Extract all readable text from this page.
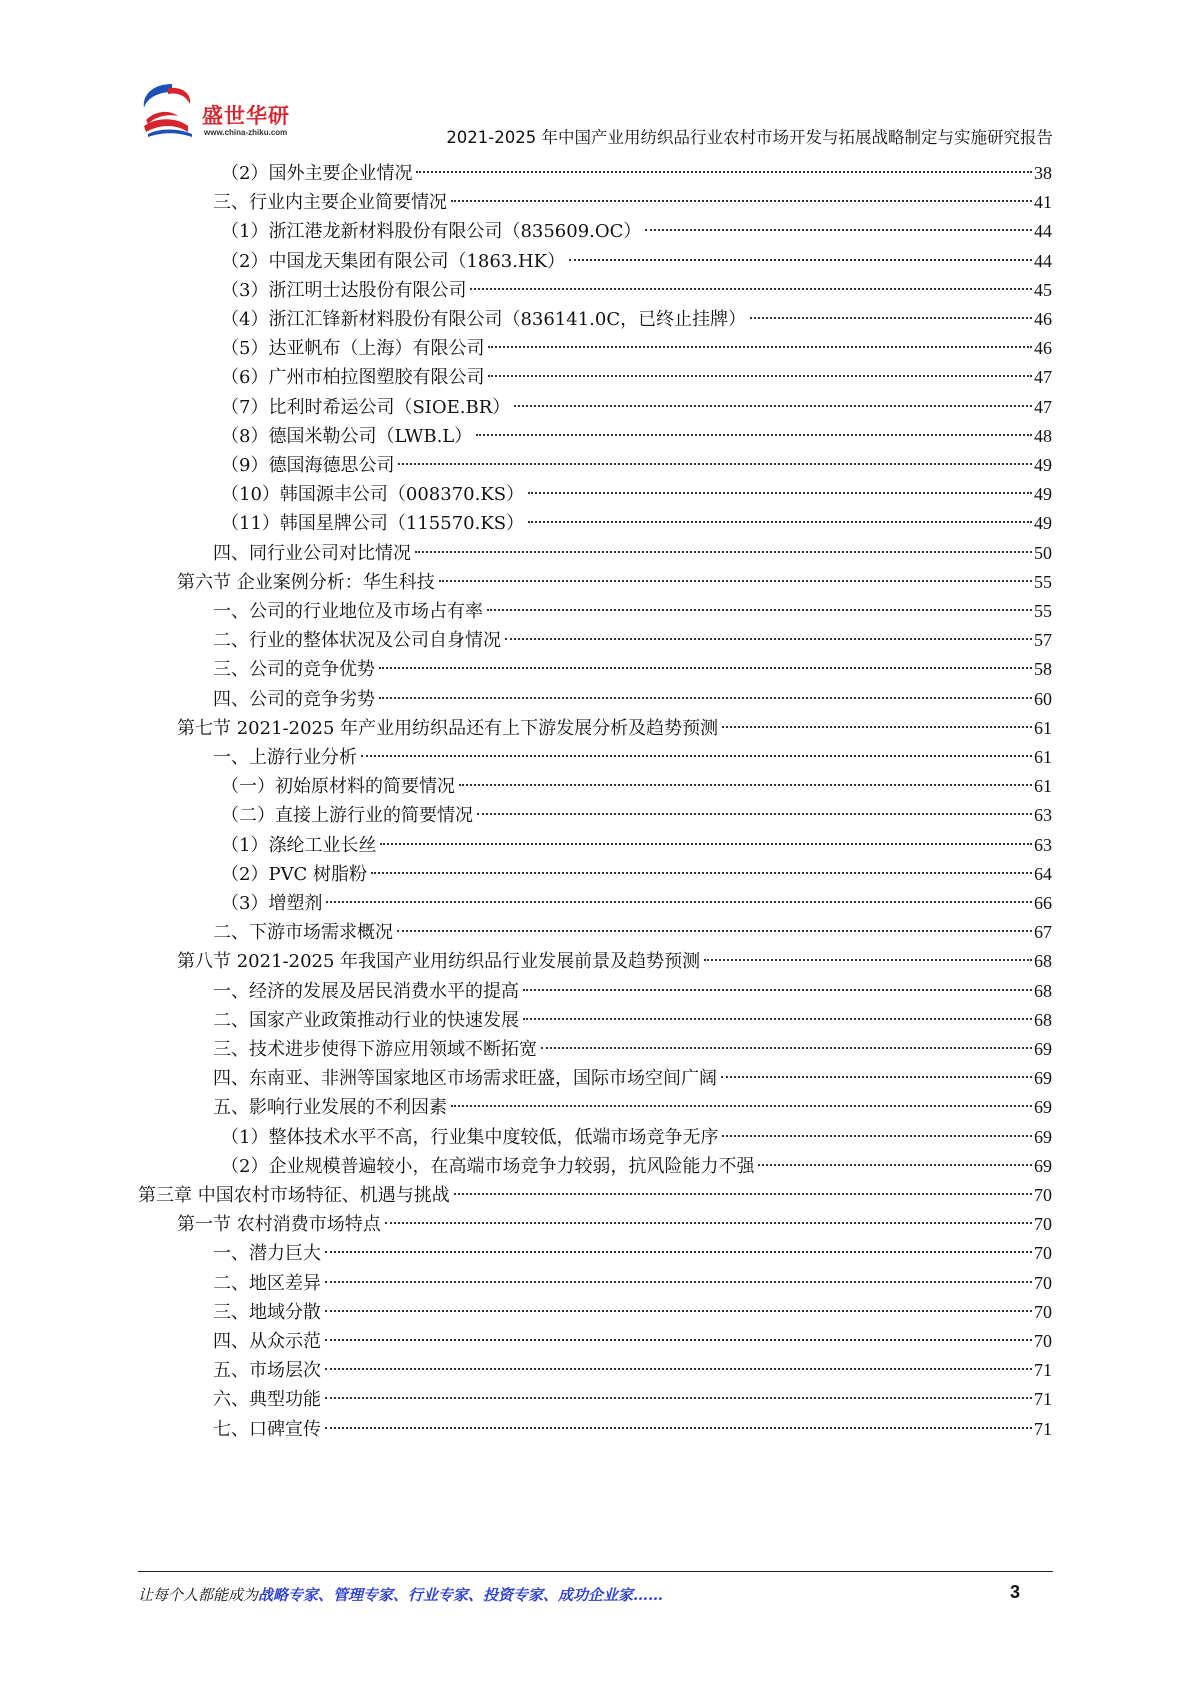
盛世华研
www.china-zhiku.com	2021-2025 年中国产业用纺织品行业农村市场开发与拓展战略制定与实施研究报告
（2）国外主要企业情况	38
三、行业内主要企业简要情况	41
（1）浙江港龙新材料股份有限公司（835609.OC）	44
（2）中国龙天集团有限公司（1863.HK）	44
（3）浙江明士达股份有限公司	45
（4）浙江汇锋新材料股份有限公司（836141.0C，已终止挂牌）	46
（5）达亚帆布（上海）有限公司	46
（6）广州市柏拉图塑胶有限公司	47
（7）比利时希运公司（SIOE.BR）	47
（8）德国米勒公司（LWB.L）	48
（9）德国海德思公司	49
（10）韩国源丰公司（008370.KS）	49
（11）韩国星牌公司（115570.KS）	49
四、同行业公司对比情况	50
第六节 企业案例分析：华生科技	55
一、公司的行业地位及市场占有率	55
二、行业的整体状况及公司自身情况	57
三、公司的竞争优势	58
四、公司的竞争劣势	60
第七节 2021-2025 年产业用纺织品还有上下游发展分析及趋势预测	61
一、上游行业分析	61
（一）初始原材料的简要情况	61
（二）直接上游行业的简要情况	63
（1）涤纶工业长丝	63
（2）PVC 树脂粉	64
（3）增塑剂	66
二、下游市场需求概况	67
第八节 2021-2025 年我国产业用纺织品行业发展前景及趋势预测	68
一、经济的发展及居民消费水平的提高	68
二、国家产业政策推动行业的快速发展	68
三、技术进步使得下游应用领域不断拓宽	69
四、东南亚、非洲等国家地区市场需求旺盛，国际市场空间广阔	69
五、影响行业发展的不利因素	69
（1）整体技术水平不高，行业集中度较低，低端市场竞争无序	69
（2）企业规模普遍较小，在高端市场竞争力较弱，抗风险能力不强	69
第三章 中国农村市场特征、机遇与挑战	70
第一节 农村消费市场特点	70
一、潜力巨大	70
二、地区差异	70
三、地域分散	70
四、从众示范	70
五、市场层次	71
六、典型功能	71
七、口碑宣传	71
让每个人都能成为战略专家、管理专家、行业专家、投资专家、成功企业家……	3
